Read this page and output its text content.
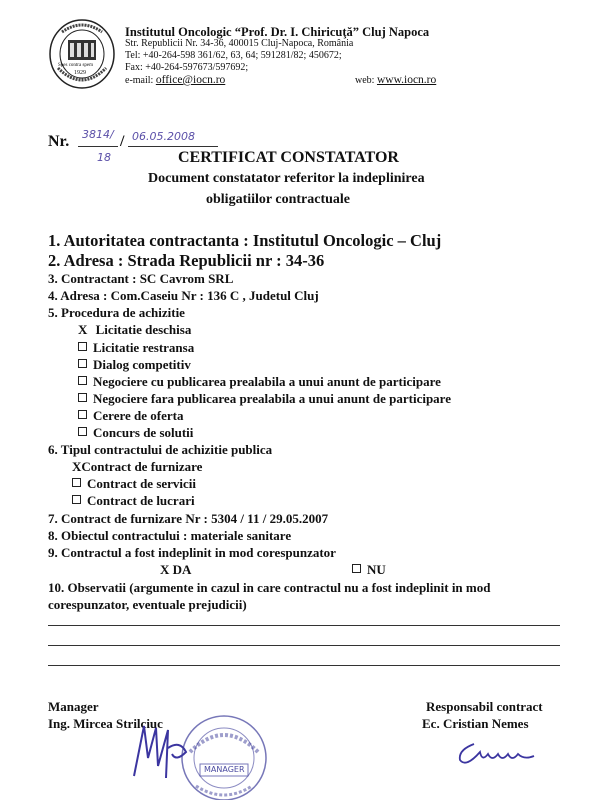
Spes contra spem
1929
Institutul Oncologic “Prof. Dr. I. Chiricuţă” Cluj Napoca
Str. Republicii Nr. 34-36, 400015 Cluj-Napoca, România
Tel: +40-264-598 361/62, 63, 64; 591281/82; 450672;
Fax: +40-264-597673/597692;
e-mail: office@iocn.ro	web: www.iocn.ro
Nr. 3814/
18
/ 06.05.2008
CERTIFICAT CONSTATATOR
Document constatator referitor la indeplinirea
obligatiilor contractuale
1. Autoritatea contractanta : Institutul Oncologic – Cluj
2. Adresa : Strada Republicii nr : 34-36
3. Contractant : SC Cavrom SRL
4. Adresa : Com.Caseiu Nr : 136 C , Judetul Cluj
5. Procedura de achizitie
X Licitatie deschisa
Licitatie restransa
Dialog competitiv
Negociere cu publicarea prealabila a unui anunt de participare
Negociere fara publicarea prealabila a unui anunt de participare
Cerere de oferta
Concurs de solutii
6. Tipul contractului de achizitie publica
XContract de furnizare
Contract de servicii
Contract de lucrari
7. Contract de furnizare Nr : 5304 / 11 / 29.05.2007
8. Obiectul contractului : materiale sanitare
9. Contractul a fost indeplinit in mod corespunzator
X DA	NU
10. Observatii (argumente in cazul in care contractul nu a fost indeplinit in mod
corespunzator, eventuale prejudicii)
Manager
Ing. Mircea Strilciuc
Responsabil contract
Ec. Cristian Nemes
MANAGER
